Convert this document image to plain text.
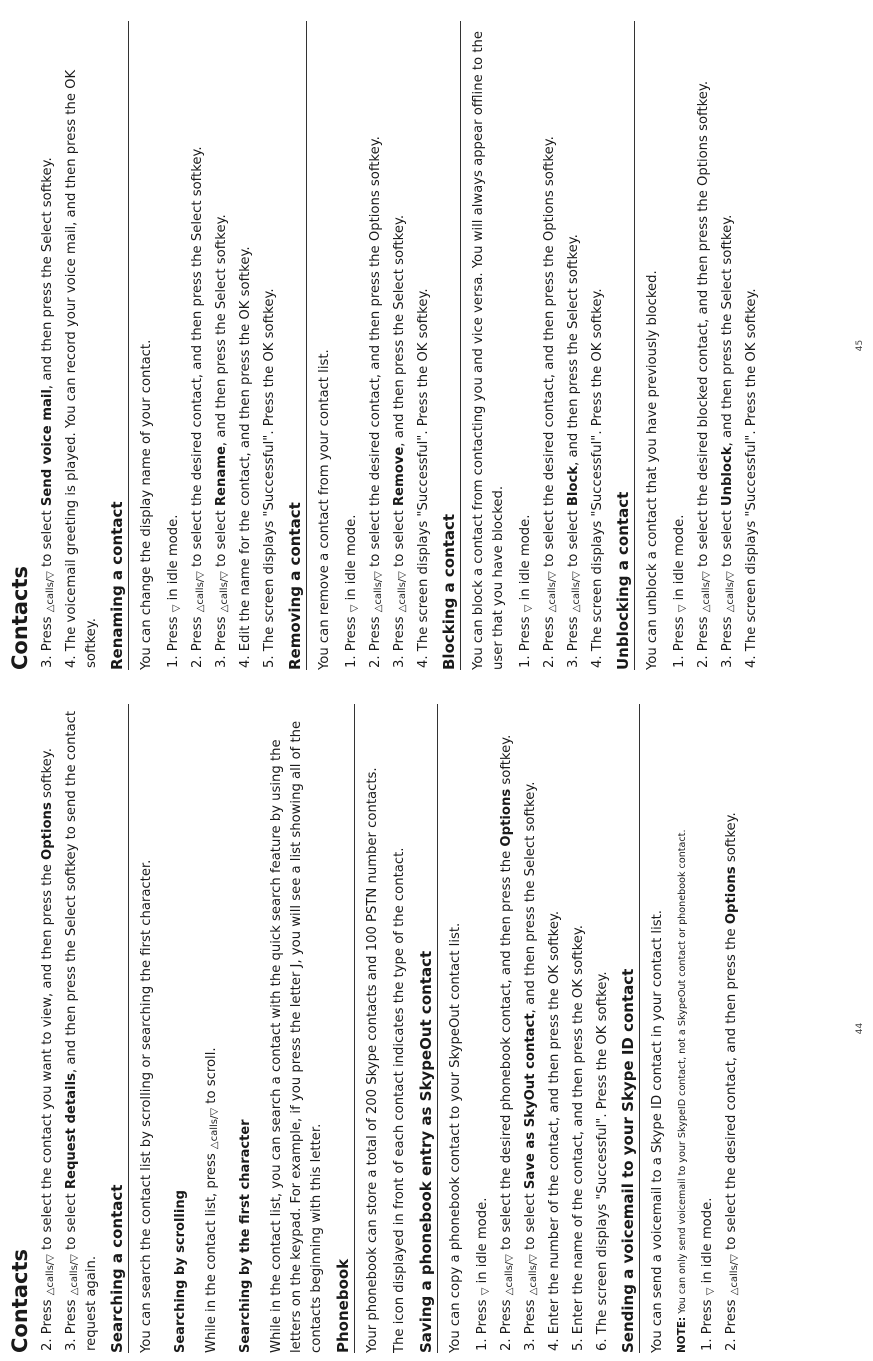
Contacts 2. Press △calls/▽ to select the contact you want to view, and then press the Options softkey.
3. Press △calls/▽ to select Request details, and then press the Select softkey to send the contact request again. Searching a contact You can search the contact list by scrolling or searching the first character. Searching by scrolling While in the contact list, press △calls/▽ to scroll.

Searching by the first character While in the contact list, you can search a contact with the quick search feature by using the letters on the keypad. For example, if you press the letter J, you will see a list showing all of the contacts beginning with this letter. Phonebook Your phonebook can store a total of 200 Skype contacts and 100 PSTN number contacts. The icon displayed in front of each contact indicates the type of the contact. Saving a phonebook entry as SkypeOut contact You can copy a phonebook contact to your SkypeOut contact list. 1. Press ▽ in idle mode.
2. Press △calls/▽ to select the desired phonebook contact, and then press the Options softkey.
3. Press △calls/▽ to select Save as SkyOut contact, and then press the Select softkey.
4. Enter the number of the contact, and then press the OK softkey.
5. Enter the name of the contact, and then press the OK softkey.
6. The screen displays "Successful". Press the OK softkey. Sending a voicemail to your Skype ID contact You can send a voicemail to a Skype ID contact in your contact list. NOTE: You can only send voicemail to your SkypeID contact, not a SkypeOut contact or phonebook contact.
1. Press ▽ in idle mode.
2. Press △calls/▽ to select the desired contact, and then press the Options softkey.
44
Contacts 3. Press △calls/▽ to select Send voice mail, and then press the Select softkey.
4. The voicemail greeting is played. You can record your voice mail, and then press the OK softkey. Renaming a contact You can change the display name of your contact. 1. Press ▽ in idle mode.
2. Press △calls/▽ to select the desired contact, and then press the Select softkey.
3. Press △calls/▽ to select Rename, and then press the Select softkey.
4. Edit the name for the contact, and then press the OK softkey.
5. The screen displays "Successful". Press the OK softkey. Removing a contact You can remove a contact from your contact list. 1. Press ▽ in idle mode.
2. Press △calls/▽ to select the desired contact, and then press the Options softkey.
3. Press △calls/▽ to select Remove, and then press the Select softkey.
4. The screen displays "Successful". Press the OK softkey. Blocking a contact You can block a contact from contacting you and vice versa. You will always appear offline to the user that you have blocked. 1. Press ▽ in idle mode.
2. Press △calls/▽ to select the desired contact, and then press the Options softkey.
3. Press △calls/▽ to select Block, and then press the Select softkey.
4. The screen displays "Successful". Press the OK softkey. Unblocking a contact You can unblock a contact that you have previously blocked. 1. Press ▽ in idle mode.
2. Press △calls/▽ to select the desired blocked contact, and then press the Options softkey.
3. Press △calls/▽ to select Unblock, and then press the Select softkey.
4. The screen displays "Successful". Press the OK softkey.	45
